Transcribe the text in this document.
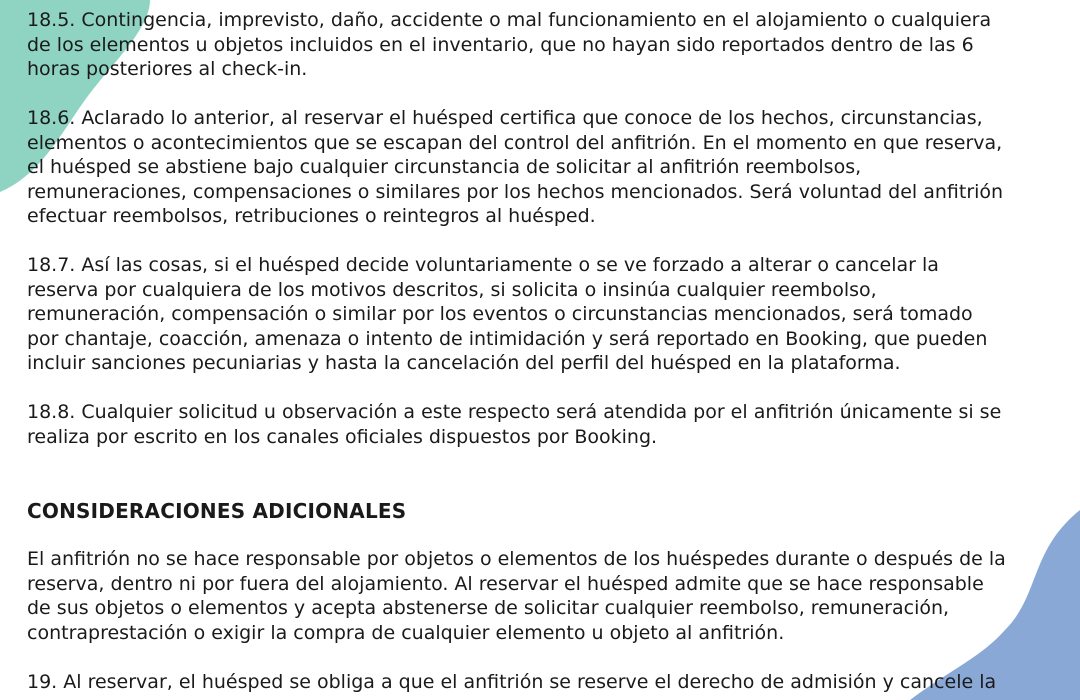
18.5. Contingencia, imprevisto, daño, accidente o mal funcionamiento en el alojamiento o cualquiera
de los elementos u objetos incluidos en el inventario, que no hayan sido reportados dentro de las 6
horas posteriores al check-in.

18.6. Aclarado lo anterior, al reservar el huésped certifica que conoce de los hechos, circunstancias,
elementos o acontecimientos que se escapan del control del anfitrión. En el momento en que reserva,
el huésped se abstiene bajo cualquier circunstancia de solicitar al anfitrión reembolsos,
remuneraciones, compensaciones o similares por los hechos mencionados. Será voluntad del anfitrión
efectuar reembolsos, retribuciones o reintegros al huésped.

18.7. Así las cosas, si el huésped decide voluntariamente o se ve forzado a alterar o cancelar la
reserva por cualquiera de los motivos descritos, si solicita o insinúa cualquier reembolso,
remuneración, compensación o similar por los eventos o circunstancias mencionados, será tomado
por chantaje, coacción, amenaza o intento de intimidación y será reportado en Booking, que pueden
incluir sanciones pecuniarias y hasta la cancelación del perfil del huésped en la plataforma.

18.8. Cualquier solicitud u observación a este respecto será atendida por el anfitrión únicamente si se
realiza por escrito en los canales oficiales dispuestos por Booking.

CONSIDERACIONES ADICIONALES

El anfitrión no se hace responsable por objetos o elementos de los huéspedes durante o después de la
reserva, dentro ni por fuera del alojamiento. Al reservar el huésped admite que se hace responsable
de sus objetos o elementos y acepta abstenerse de solicitar cualquier reembolso, remuneración,
contraprestación o exigir la compra de cualquier elemento u objeto al anfitrión.

19. Al reservar, el huésped se obliga a que el anfitrión se reserve el derecho de admisión y cancele la
